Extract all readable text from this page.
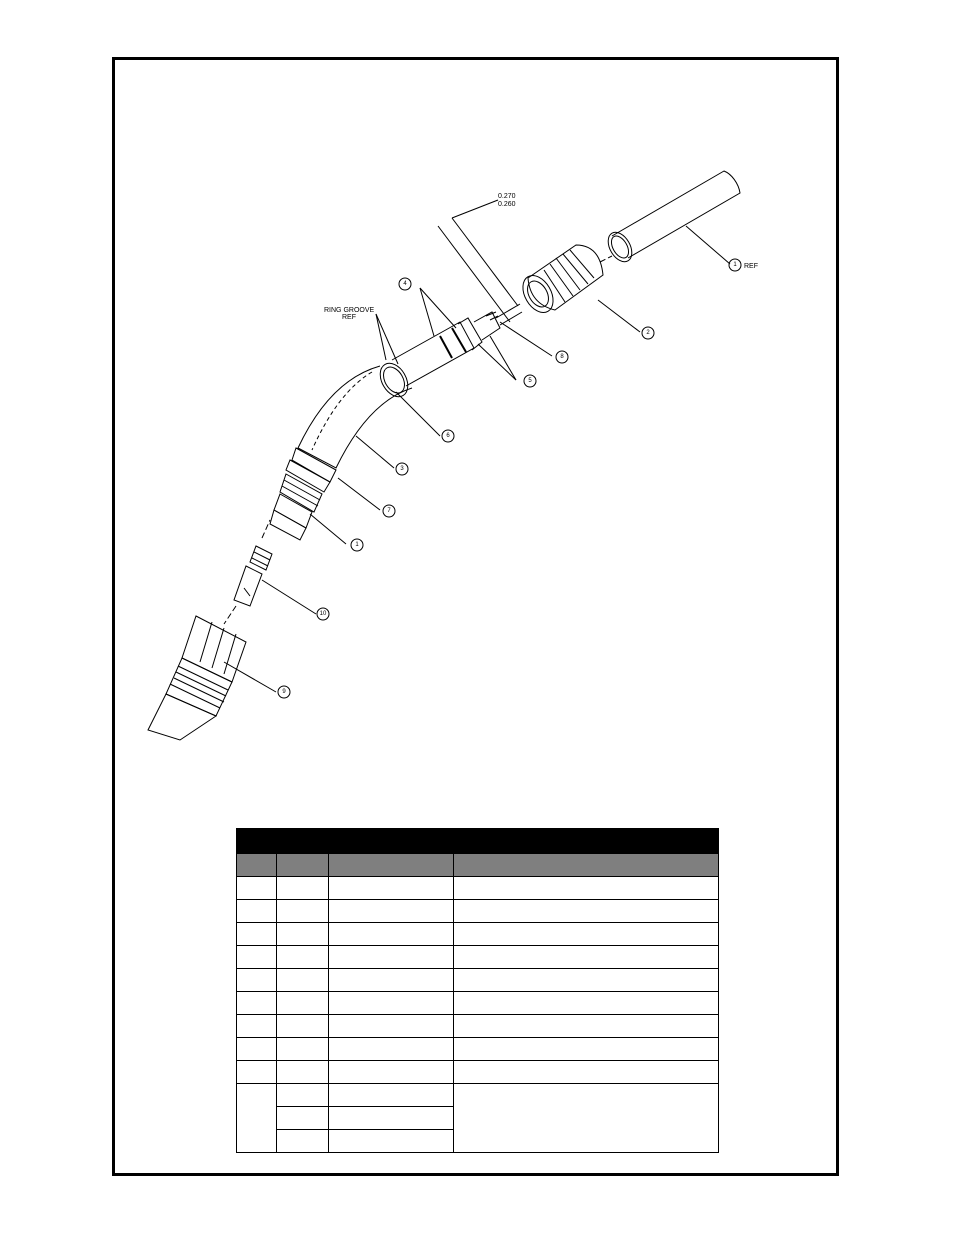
1
2
4
5
6
3
7
8
1
10
9
REF
0.270
0.260
RING GROOVE
REF
